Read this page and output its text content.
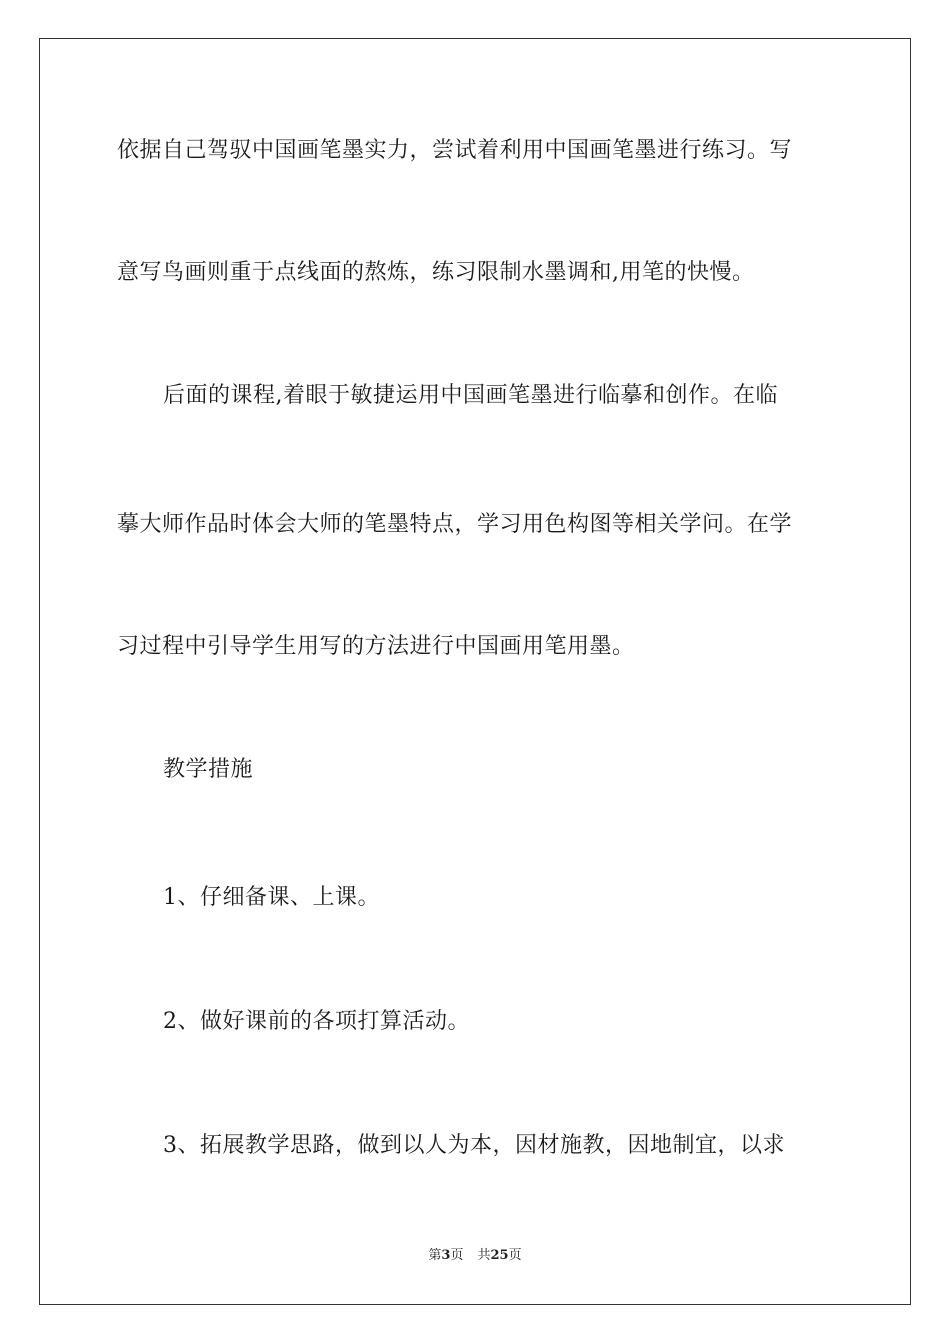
依据自己驾驭中国画笔墨实力，尝试着利用中国画笔墨进行练习。写
意写鸟画则重于点线面的熬炼，练习限制水墨调和,用笔的快慢。
后面的课程,着眼于敏捷运用中国画笔墨进行临摹和创作。在临
摹大师作品时体会大师的笔墨特点，学习用色构图等相关学问。在学
习过程中引导学生用写的方法进行中国画用笔用墨。
教学措施
1、仔细备课、上课。
2、做好课前的各项打算活动。
3、拓展教学思路，做到以人为本，因材施教，因地制宜，以求
第3页 共25页
